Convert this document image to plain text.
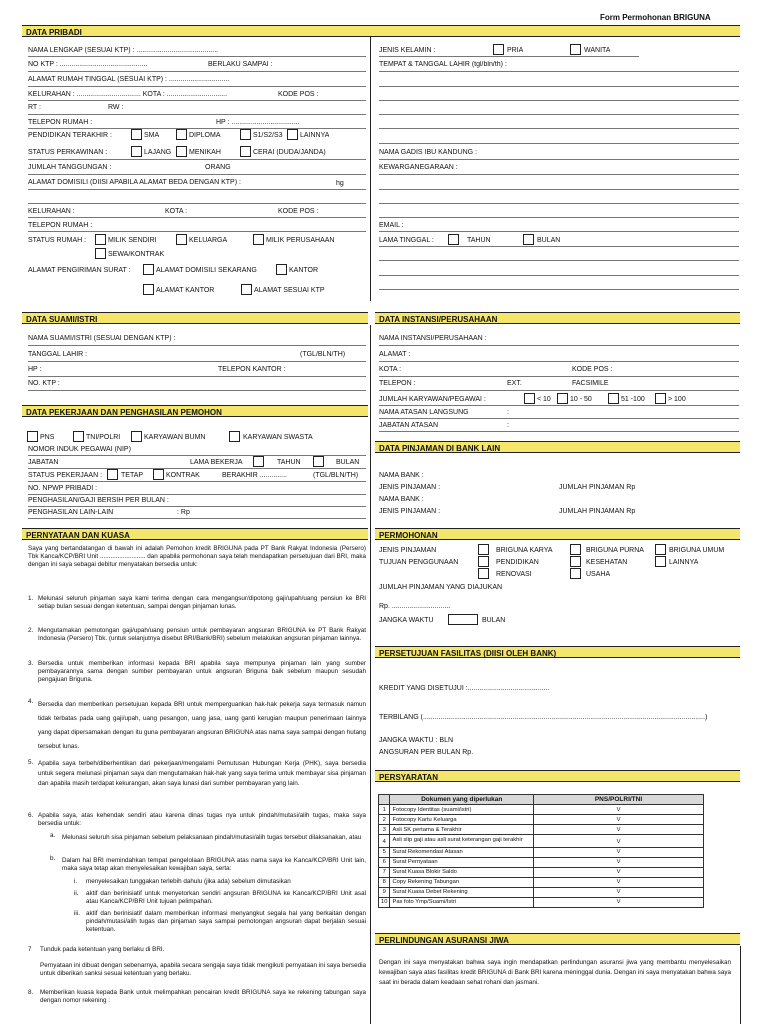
Form Permohonan BRIGUNA
DATA PRIBADI
NAMA LENGKAP (SESUAI KTP) : ..........................................
NO KTP : .............................................	BERLAKU SAMPAI :
ALAMAT RUMAH TINGGAL (SESUAI KTP) : ...............................
KELURAHAN : ................................. KOTA : ...............................	KODE POS :
RT :	RW :
TELEPON RUMAH :	HP : ...................................
PENDIDIKAN TERAKHIR :	SMA	DIPLOMA	S1/S2/S3 LAINNYA
STATUS PERKAWINAN :	LAJANG	MENIKAH	CERAI (DUDA/JANDA)
JUMLAH TANGGUNGAN :	ORANG
ALAMAT DOMISILI (DIISI APABILA ALAMAT BEDA DENGAN KTP) :	hg
KELURAHAN :	KOTA :	KODE POS :
TELEPON RUMAH :
STATUS RUMAH :	MILIK SENDIRI	KELUARGA	MILIK PERUSAHAAN
SEWA/KONTRAK
ALAMAT PENGIRIMAN SURAT :	ALAMAT DOMISILI SEKARANG	KANTOR
ALAMAT KANTOR	ALAMAT SESUAI KTP
JENIS KELAMIN :	PRIA	WANITA
TEMPAT & TANGGAL LAHIR (tgl/bln/th) :
NAMA GADIS IBU KANDUNG :
KEWARGANEGARAAN :
EMAIL :
LAMA TINGGAL :	TAHUN	BULAN
DATA SUAMI/ISTRI	DATA INSTANSI/PERUSAHAAN
NAMA SUAMI/ISTRI (SESUAI DENGAN KTP) :
TANGGAL LAHIR :	(TGL/BLN/TH)
HP :	TELEPON KANTOR :
NO. KTP :
NAMA INSTANSI/PERUSAHAAN :
ALAMAT :
KOTA :	KODE POS :
TELEPON :	EXT.	FACSIMILE
JUMLAH KARYAWAN/PEGAWAI :	< 10	10 - 50	51 -100	> 100
NAMA ATASAN LANGSUNG	:
JABATAN ATASAN	:
DATA PEKERJAAN DAN PENGHASILAN PEMOHON
PNS	TNI/POLRI	KARYAWAN BUMN	KARYAWAN SWASTA
NOMOR INDUK PEGAWAI (NIP)
JABATAN	LAMA BEKERJA	TAHUN	BULAN
STATUS PEKERJAAN :	TETAP	KONTRAK	BERAKHIR ..............	(TGL/BLN/TH)
NO. NPWP PRIBADI :
PENGHASILAN/GAJI BERSIH PER BULAN :
PENGHASILAN LAIN-LAIN	: Rp
DATA PINJAMAN DI BANK LAIN
NAMA BANK :
JENIS PINJAMAN :	JUMLAH PINJAMAN Rp
NAMA BANK :
JENIS PINJAMAN :	JUMLAH PINJAMAN Rp
PERNYATAAN DAN KUASA
Saya yang bertandatangan di bawah ini adalah Pemohon kredit BRIGUNA pada PT Bank Rakyat Indonesia (Persero) Tbk Kanca/KCP/BRI Unit .......................... dan apabila permohonan saya telah mendapatkan persetujuan dari BRI, maka dengan ini saya sebagai debitur menyatakan bersedia untuk:
1. Melunasi seluruh pinjaman saya kami terima dengan cara mengangsur/dipotong gaji/upah/uang pensiun ke BRI setiap bulan sesuai dengan ketentuan, sampai dengan pinjaman lunas.
2. Mengutamakan pemotongan gaji/upah/uang pensiun untuk pembayaran angsuran BRIGUNA ke PT Bank Rakyat Indonesia (Persero) Tbk. (untuk selanjutnya disebut BRI/Bank/BRI) sebelum melakukan angsuran pinjaman lainnya.
3. Bersedia untuk memberikan informasi kepada BRI apabila saya mempunya pinjaman lain yang sumber pembayarannya sama dengan sumber pembayaran untuk angsuran Briguna baik sebelum maupun sesudah pengajuan Briguna.
4. Bersedia dan memberikan persetujuan kepada BRI untuk memperguankan hak-hak pekerja saya termasuk namun tidak terbatas pada uang gaji/upah, uang pesangon, uang jasa, uang ganti kerugian maupun penerimaan lainnya yang dapat dipersamakan dengan itu guna pembayaran angsuran BRIGUNA atas nama saya sampai dengan hutang tersebut lunas.
5. Apabila saya terbeh/diberhentikan dari pekerjaan/mengalami Pemutusan Hubungan Kerja (PHK), saya bersedia untuk segera melunasi pinjaman saya dan mengutamakan hak-hak yang saya terima untuk membayar sisa pinjaman dan apabila masih terdapat kekurangan, akan saya lunasi dari sumber pembayaran yang lain.
6. Apabila saya, atas kehendak sendiri atau karena dinas tugas nya untuk pindah/mutasi/alih tugas, maka saya bersedia untuk:
a. Melunasi seluruh sisa pinjaman sebelum pelaksanaan pindah/mutasi/alih tugas tersebut dilaksanakan, atau
b. Dalam hal BRI memindahkan tempat pengelolaan BRIGUNA atas nama saya ke Kanca/KCP/BRI Unit lain, maka saya tetap akan menyelesaikan kewajiban saya, serta:
i. menyelesaikan tunggakan terlebih dahulu (jika ada) sebelum dimutasikan
ii. aktif dan berinisiatif untuk menyetorkan sendiri angsuran BRIGUNA ke Kanca/KCP/BRI Unit asal atau Kanca/KCP/BRI Unit tujuan pelimpahan.
iii. aktif dan berinisiatif dalam memberikan informasi menyangkut segala hal yang berkaitan dengan pindah/mutasi/alih tugas dan pinjaman saya sampai pemotongan angsuran dapat berjalan sesuai ketentuan.
7 Tunduk pada ketentuan yang berlaku di BRI.
Pernyataan ini dibuat dengan sebenarnya, apabila secara sengaja saya tidak mengikuti pernyataan ini saya bersedia untuk diberikan sanksi sesuai ketentuan yang berlaku.
8. Memberikan kuasa kepada Bank untuk melimpahkan pencairan kredit BRIGUNA saya ke rekening tabungan saya dengan nomor rekening :
PERMOHONAN
JENIS PINJAMAN	BRIGUNA KARYA	BRIGUNA PURNA	BRIGUNA UMUM
TUJUAN PENGGUNAAN	PENDIDIKAN	KESEHATAN	LAINNYA
RENOVASI	USAHA
JUMLAH PINJAMAN YANG DIAJUKAN
Rp. ..............................
JANGKA WAKTU	BULAN
PERSETUJUAN FASILITAS (DIISI OLEH BANK)
KREDIT YANG DISETUJUI :..........................................
TERBILANG (.................................................................................................................................................)
JANGKA WAKTU : BLN
ANGSURAN PER BULAN Rp.
PERSYARATAN
	Dokumen yang diperlukan	PNS/POLRI/TNI
1	Fotocopy Identitas (suami/istri)	V
2	Fotocopy Kartu Keluarga	V
3	Asli SK pertama & Terakhir	V
4	Asli slip gaji atau asli surat keterangan gaji terakhir	V
5	Surat Rekomendasi Atasan	V
6	Surat Pernyataan	V
7	Surat Kuasa Blokir Saldo	V
8	Copy Rekening Tabungan	V
9	Surat Kuasa Debet Rekening	V
10	Pas foto Ymp/Suami/Istri	V
PERLINDUNGAN ASURANSI JIWA
Dengan ini saya menyatakan bahwa saya ingin mendapatkan perlindungan asuransi jiwa yang membantu menyelesaikan kewajiban saya atas fasilitas kredit BRIGUNA di Bank BRI karena meninggal dunia. Dengan ini saya menyatakan bahwa saya saat ini berada dalam keadaan sehat rohani dan jasmani.
